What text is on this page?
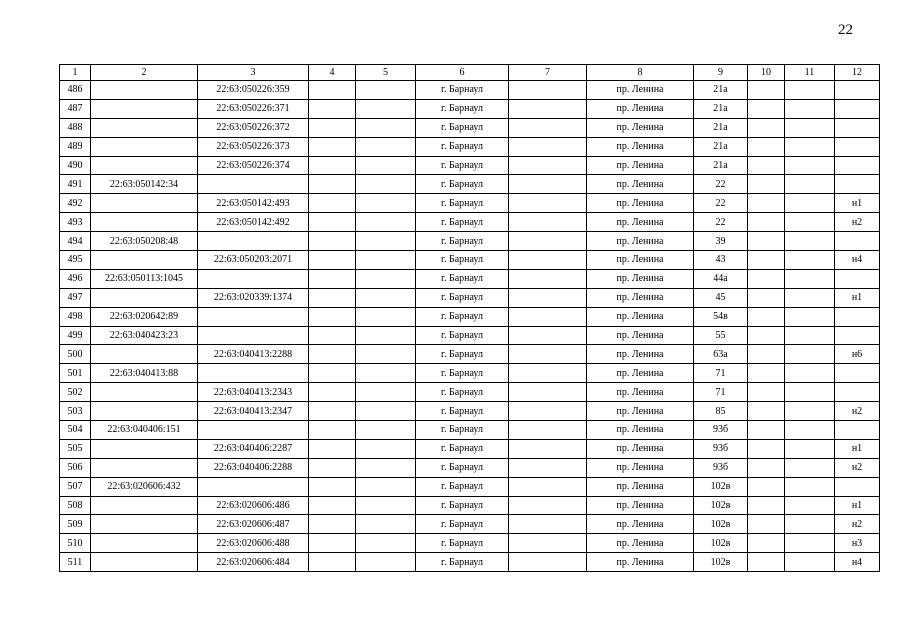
22
1	2	3	4	5	6	7	8	9	10	11	12
486		22:63:050226:359			г. Барнаул		пр. Ленина	21а			
487		22:63:050226:371			г. Барнаул		пр. Ленина	21а			
488		22:63:050226:372			г. Барнаул		пр. Ленина	21а			
489		22:63:050226:373			г. Барнаул		пр. Ленина	21а			
490		22:63:050226:374			г. Барнаул		пр. Ленина	21а			
491	22:63:050142:34				г. Барнаул		пр. Ленина	22			
492		22:63:050142:493			г. Барнаул		пр. Ленина	22			н1
493		22:63:050142:492			г. Барнаул		пр. Ленина	22			н2
494	22:63:050208:48				г. Барнаул		пр. Ленина	39			
495		22:63:050203:2071			г. Барнаул		пр. Ленина	43			н4
496	22:63:050113:1045				г. Барнаул		пр. Ленина	44а			
497		22:63:020339:1374			г. Барнаул		пр. Ленина	45			н1
498	22:63:020642:89				г. Барнаул		пр. Ленина	54в			
499	22:63:040423:23				г. Барнаул		пр. Ленина	55			
500		22:63:040413:2288			г. Барнаул		пр. Ленина	63а			н6
501	22:63:040413:88				г. Барнаул		пр. Ленина	71			
502		22:63:040413:2343			г. Барнаул		пр. Ленина	71			
503		22:63:040413:2347			г. Барнаул		пр. Ленина	85			н2
504	22:63:040406:151				г. Барнаул		пр. Ленина	93б			
505		22:63:040406:2287			г. Барнаул		пр. Ленина	93б			н1
506		22:63:040406:2288			г. Барнаул		пр. Ленина	93б			н2
507	22:63:020606:432				г. Барнаул		пр. Ленина	102в			
508		22:63:020606:486			г. Барнаул		пр. Ленина	102в			н1
509		22:63:020606:487			г. Барнаул		пр. Ленина	102в			н2
510		22:63:020606:488			г. Барнаул		пр. Ленина	102в			н3
511		22:63:020606:484			г. Барнаул		пр. Ленина	102в			н4
